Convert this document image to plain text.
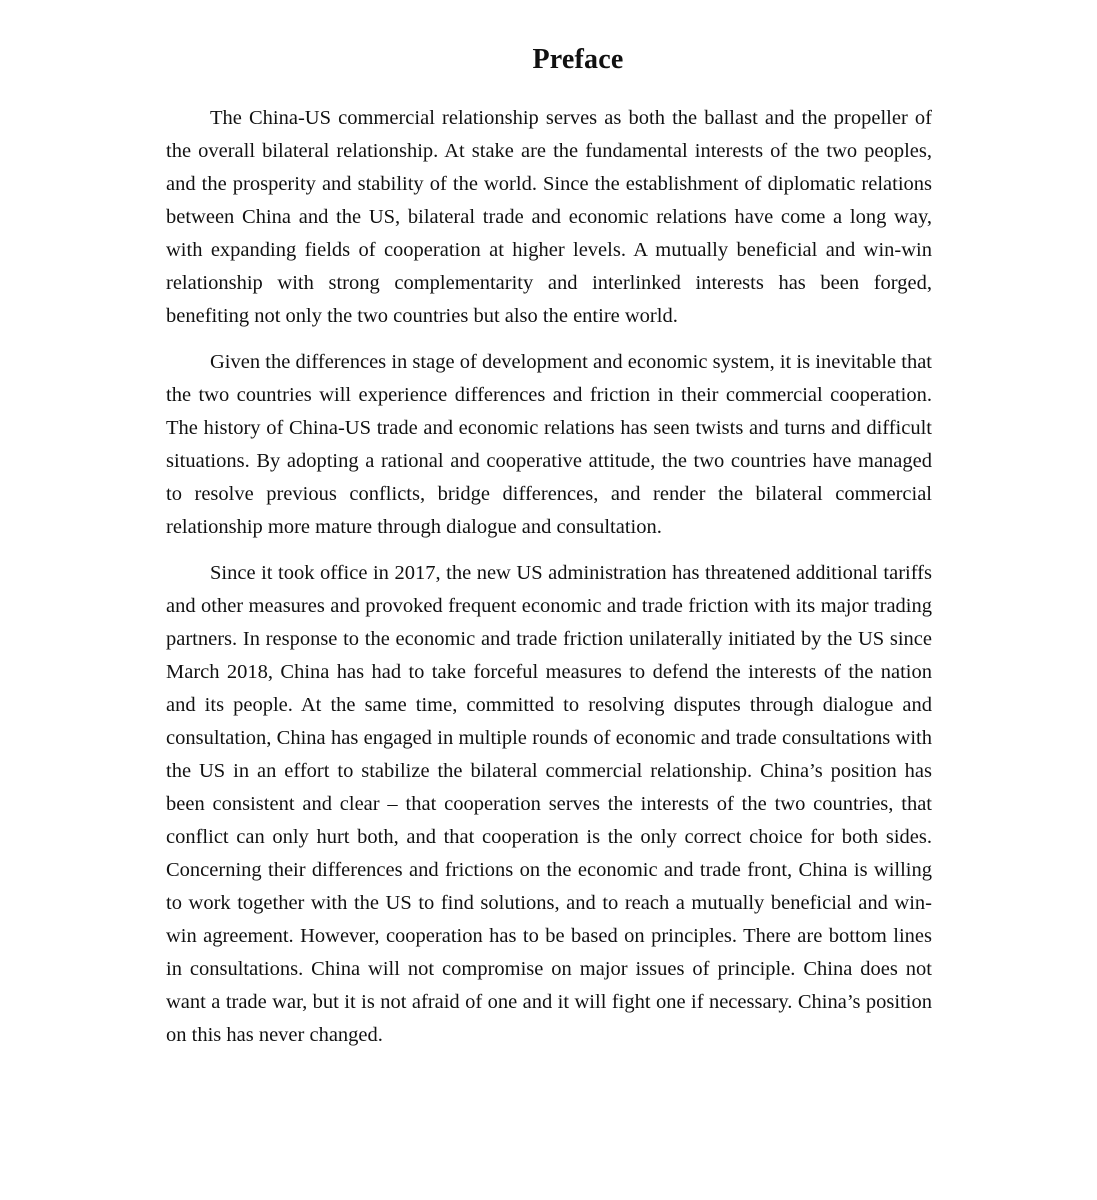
Preface

The China-US commercial relationship serves as both the ballast and the propeller of the overall bilateral relationship. At stake are the fundamental interests of the two peoples, and the prosperity and stability of the world. Since the establishment of diplomatic relations between China and the US, bilateral trade and economic relations have come a long way, with expanding fields of cooperation at higher levels. A mutually beneficial and win-win relationship with strong complementarity and interlinked interests has been forged, benefiting not only the two countries but also the entire world.

Given the differences in stage of development and economic system, it is inevitable that the two countries will experience differences and friction in their commercial cooperation. The history of China-US trade and economic relations has seen twists and turns and difficult situations. By adopting a rational and cooperative attitude, the two countries have managed to resolve previous conflicts, bridge differences, and render the bilateral commercial relationship more mature through dialogue and consultation.

Since it took office in 2017, the new US administration has threatened additional tariffs and other measures and provoked frequent economic and trade friction with its major trading partners. In response to the economic and trade friction unilaterally initiated by the US since March 2018, China has had to take forceful measures to defend the interests of the nation and its people. At the same time, committed to resolving disputes through dialogue and consultation, China has engaged in multiple rounds of economic and trade consultations with the US in an effort to stabilize the bilateral commercial relationship. China’s position has been consistent and clear – that cooperation serves the interests of the two countries, that conflict can only hurt both, and that cooperation is the only correct choice for both sides. Concerning their differences and frictions on the economic and trade front, China is willing to work together with the US to find solutions, and to reach a mutually beneficial and win-win agreement. However, cooperation has to be based on principles. There are bottom lines in consultations. China will not compromise on major issues of principle. China does not want a trade war, but it is not afraid of one and it will fight one if necessary. China’s position on this has never changed.
